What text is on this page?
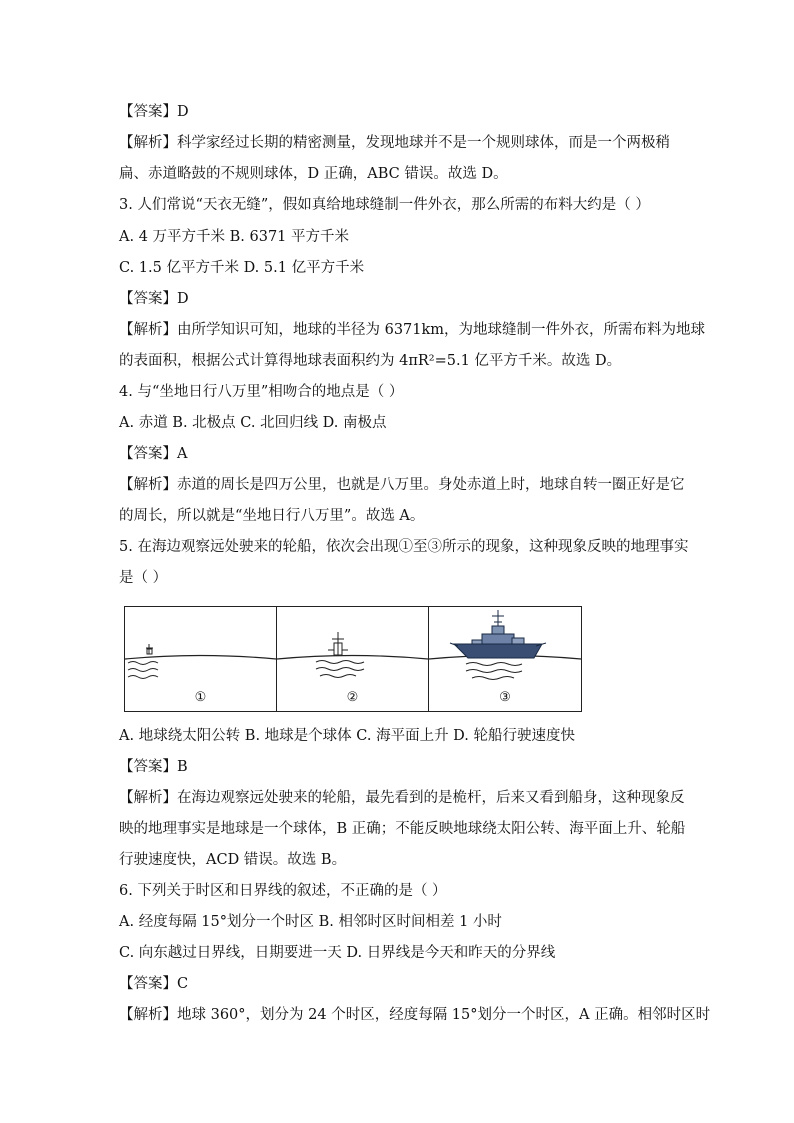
【答案】D
【解析】科学家经过长期的精密测量，发现地球并不是一个规则球体，而是一个两极稍
扁、赤道略鼓的不规则球体，D 正确，ABC 错误。故选 D。
3. 人们常说“天衣无缝”，假如真给地球缝制一件外衣，那么所需的布料大约是（ ）
A. 4 万平方千米 B. 6371 平方千米
C. 1.5 亿平方千米 D. 5.1 亿平方千米
【答案】D
【解析】由所学知识可知，地球的半径为 6371km，为地球缝制一件外衣，所需布料为地球
的表面积，根据公式计算得地球表面积约为 4πR²=5.1 亿平方千米。故选 D。
4. 与“坐地日行八万里”相吻合的地点是（ ）
A. 赤道 B. 北极点 C. 北回归线 D. 南极点
【答案】A
【解析】赤道的周长是四万公里，也就是八万里。身处赤道上时，地球自转一圈正好是它
的周长，所以就是“坐地日行八万里”。故选 A。
5. 在海边观察远处驶来的轮船，依次会出现①至③所示的现象，这种现象反映的地理事实
是（ ）
①	②	③
A. 地球绕太阳公转 B. 地球是个球体 C. 海平面上升 D. 轮船行驶速度快
【答案】B
【解析】在海边观察远处驶来的轮船，最先看到的是桅杆，后来又看到船身，这种现象反
映的地理事实是地球是一个球体，B 正确；不能反映地球绕太阳公转、海平面上升、轮船
行驶速度快，ACD 错误。故选 B。
6. 下列关于时区和日界线的叙述，不正确的是（ ）
A. 经度每隔 15°划分一个时区 B. 相邻时区时间相差 1 小时
C. 向东越过日界线，日期要进一天 D. 日界线是今天和昨天的分界线
【答案】C
【解析】地球 360°，划分为 24 个时区，经度每隔 15°划分一个时区，A 正确。相邻时区时
